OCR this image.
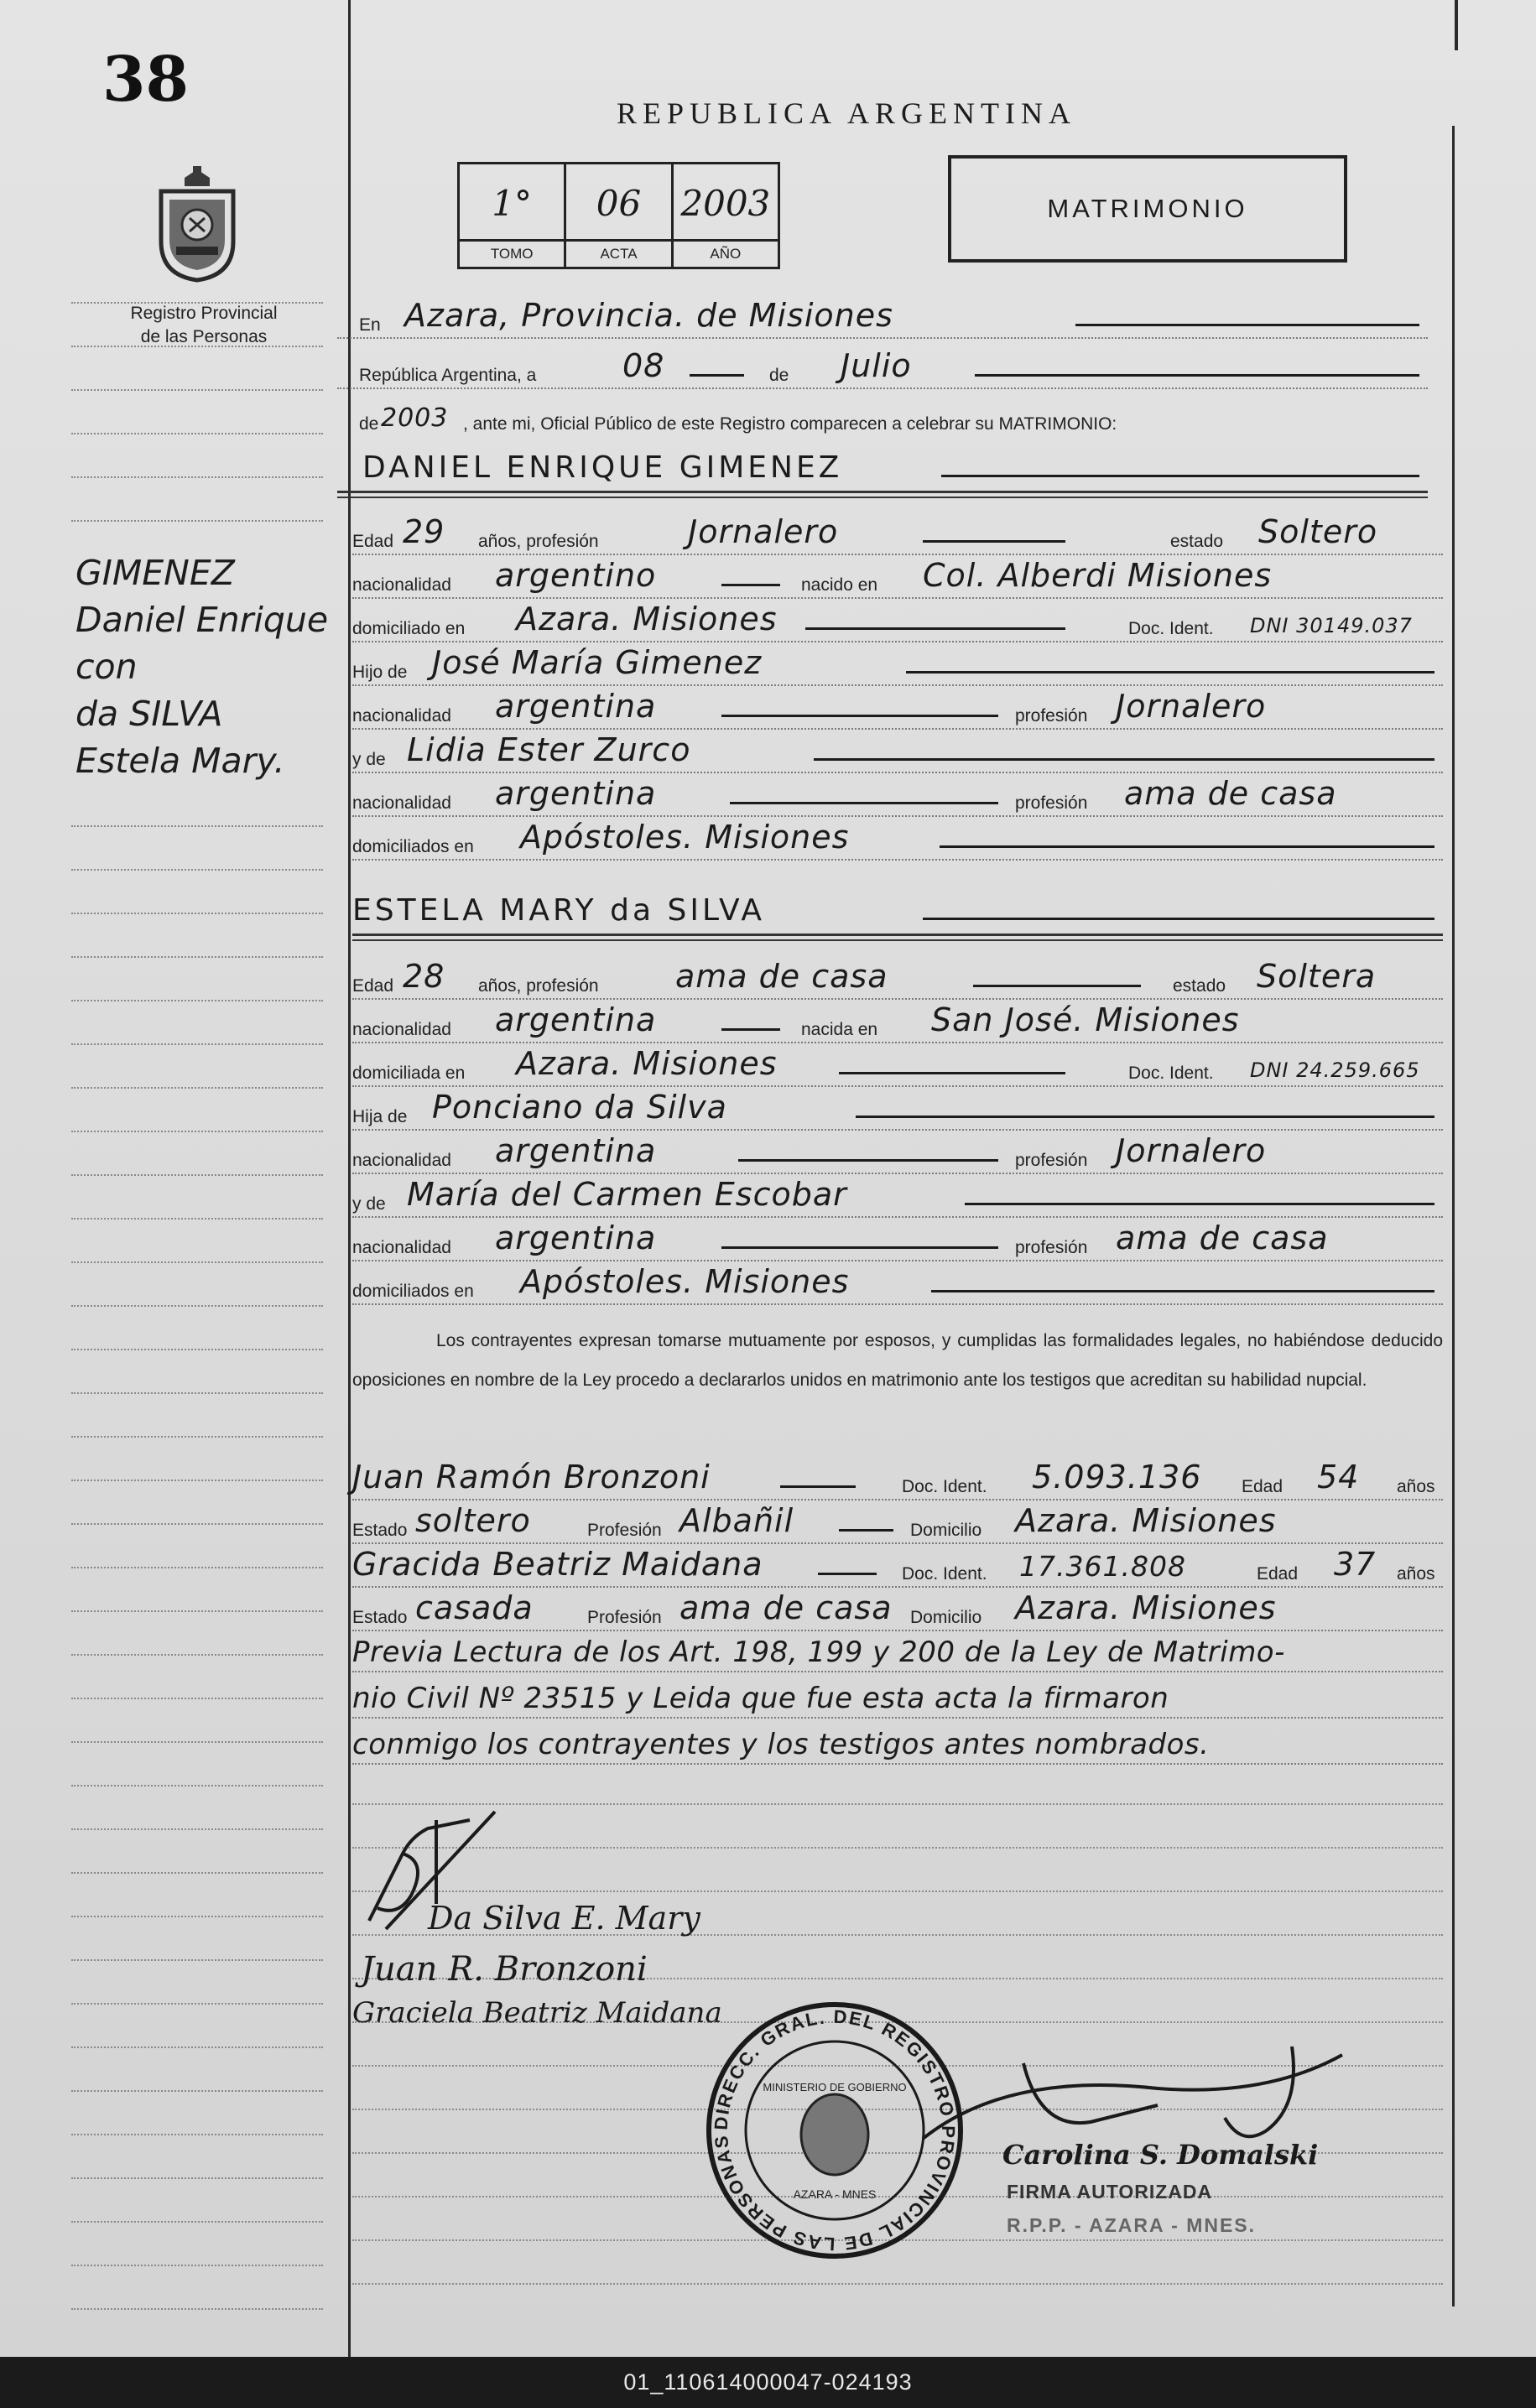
38
Registro Provincial
de las Personas
REPUBLICA ARGENTINA
1°
TOMO
06
ACTA
2003
AÑO
MATRIMONIO
GIMENEZ
Daniel Enrique
con
da SILVA
Estela Mary.
En Azara, Provincia. de Misiones
República Argentina, a	08	de Julio
de 2003 , ante mi, Oficial Público de este Registro comparecen a celebrar su MATRIMONIO:
DANIEL ENRIQUE GIMENEZ
Edad 29 años, profesión	Jornalero	estado Soltero
nacionalidad argentino	nacido en Col. Alberdi Misiones
domiciliado en Azara. Misiones	Doc. Ident. DNI 30149.037
Hijo de José María Gimenez
nacionalidad argentina	profesión Jornalero
y de Lidia Ester Zurco
nacionalidad argentina	profesión ama de casa
domiciliados en Apóstoles. Misiones
ESTELA MARY da SILVA
Edad 28 años, profesión ama de casa	estado Soltera
nacionalidad argentina	nacida en San José. Misiones
domiciliada en Azara. Misiones	Doc. Ident. DNI 24.259.665
Hija de Ponciano da Silva
nacionalidad argentina	profesión Jornalero
y de María del Carmen Escobar
nacionalidad argentina	profesión ama de casa
domiciliados en Apóstoles. Misiones
Los contrayentes expresan tomarse mutuamente por esposos, y cumplidas las formalidades legales, no habiéndose deducido oposiciones en nombre de la Ley procedo a declararlos unidos en matrimonio ante los testigos que acreditan su habilidad nupcial.
Juan Ramón Bronzoni	Doc. Ident. 5.093.136 Edad 54 años
Estado soltero	Profesión Albañil	Domicilio Azara. Misiones
Gracida Beatriz Maidana	Doc. Ident. 17.361.808	Edad 37 años
Estado casada	Profesión ama de casa Domicilio Azara. Misiones
Previa Lectura de los Art. 198, 199 y 200 de la Ley de Matrimo-
nio Civil Nº 23515 y Leida que fue esta acta la firmaron
conmigo los contrayentes y los testigos antes nombrados.
Da Silva E. Mary
Juan R. Bronzoni
Graciela Beatriz Maidana
DIRECC. GRAL. DEL REGISTRO PROVINCIAL DE LAS PERSONAS
MINISTERIO DE GOBIERNO
AZARA - MNES
Carolina S. Domalski
FIRMA AUTORIZADA
R.P.P. - AZARA - MNES.
01_110614000047-024193
